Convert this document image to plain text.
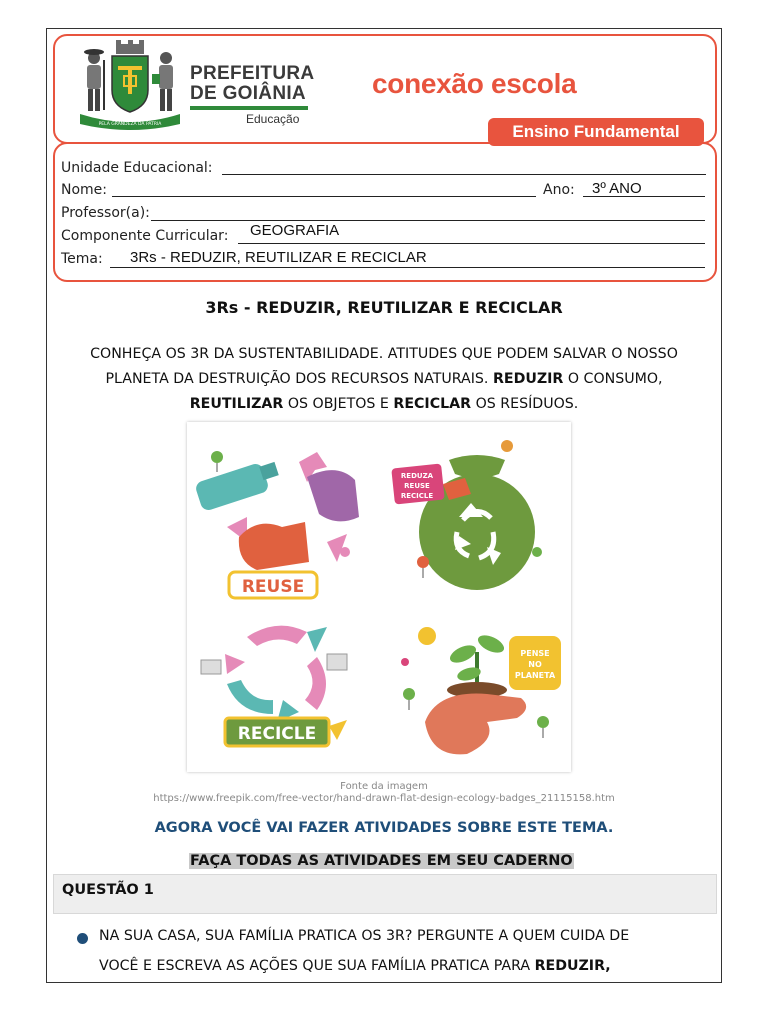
PELA GRANDEZA DA PÁTRIA
PREFEITURA
DE GOIÂNIA
Educação
conexão escola
Ensino Fundamental
Unidade Educacional:
Nome:	Ano: 3º ANO
Professor(a):
Componente Curricular: GEOGRAFIA
Tema: 3Rs - REDUZIR, REUTILIZAR E RECICLAR
3Rs - REDUZIR, REUTILIZAR E RECICLAR
CONHEÇA OS 3R DA SUSTENTABILIDADE. ATITUDES QUE PODEM SALVAR O NOSSO
PLANETA DA DESTRUIÇÃO DOS RECURSOS NATURAIS. REDUZIR O CONSUMO,
REUTILIZAR OS OBJETOS E RECICLAR OS RESÍDUOS.
REUSE
REDUZA
REUSE
RECICLE
RECICLE
PENSE
NO
PLANETA
Fonte da imagem
https://www.freepik.com/free-vector/hand-drawn-flat-design-ecology-badges_21115158.htm
AGORA VOCÊ VAI FAZER ATIVIDADES SOBRE ESTE TEMA.
FAÇA TODAS AS ATIVIDADES EM SEU CADERNO
QUESTÃO 1
NA SUA CASA, SUA FAMÍLIA PRATICA OS 3R? PERGUNTE A QUEM CUIDA DE
VOCÊ E ESCREVA AS AÇÕES QUE SUA FAMÍLIA PRATICA PARA REDUZIR,
